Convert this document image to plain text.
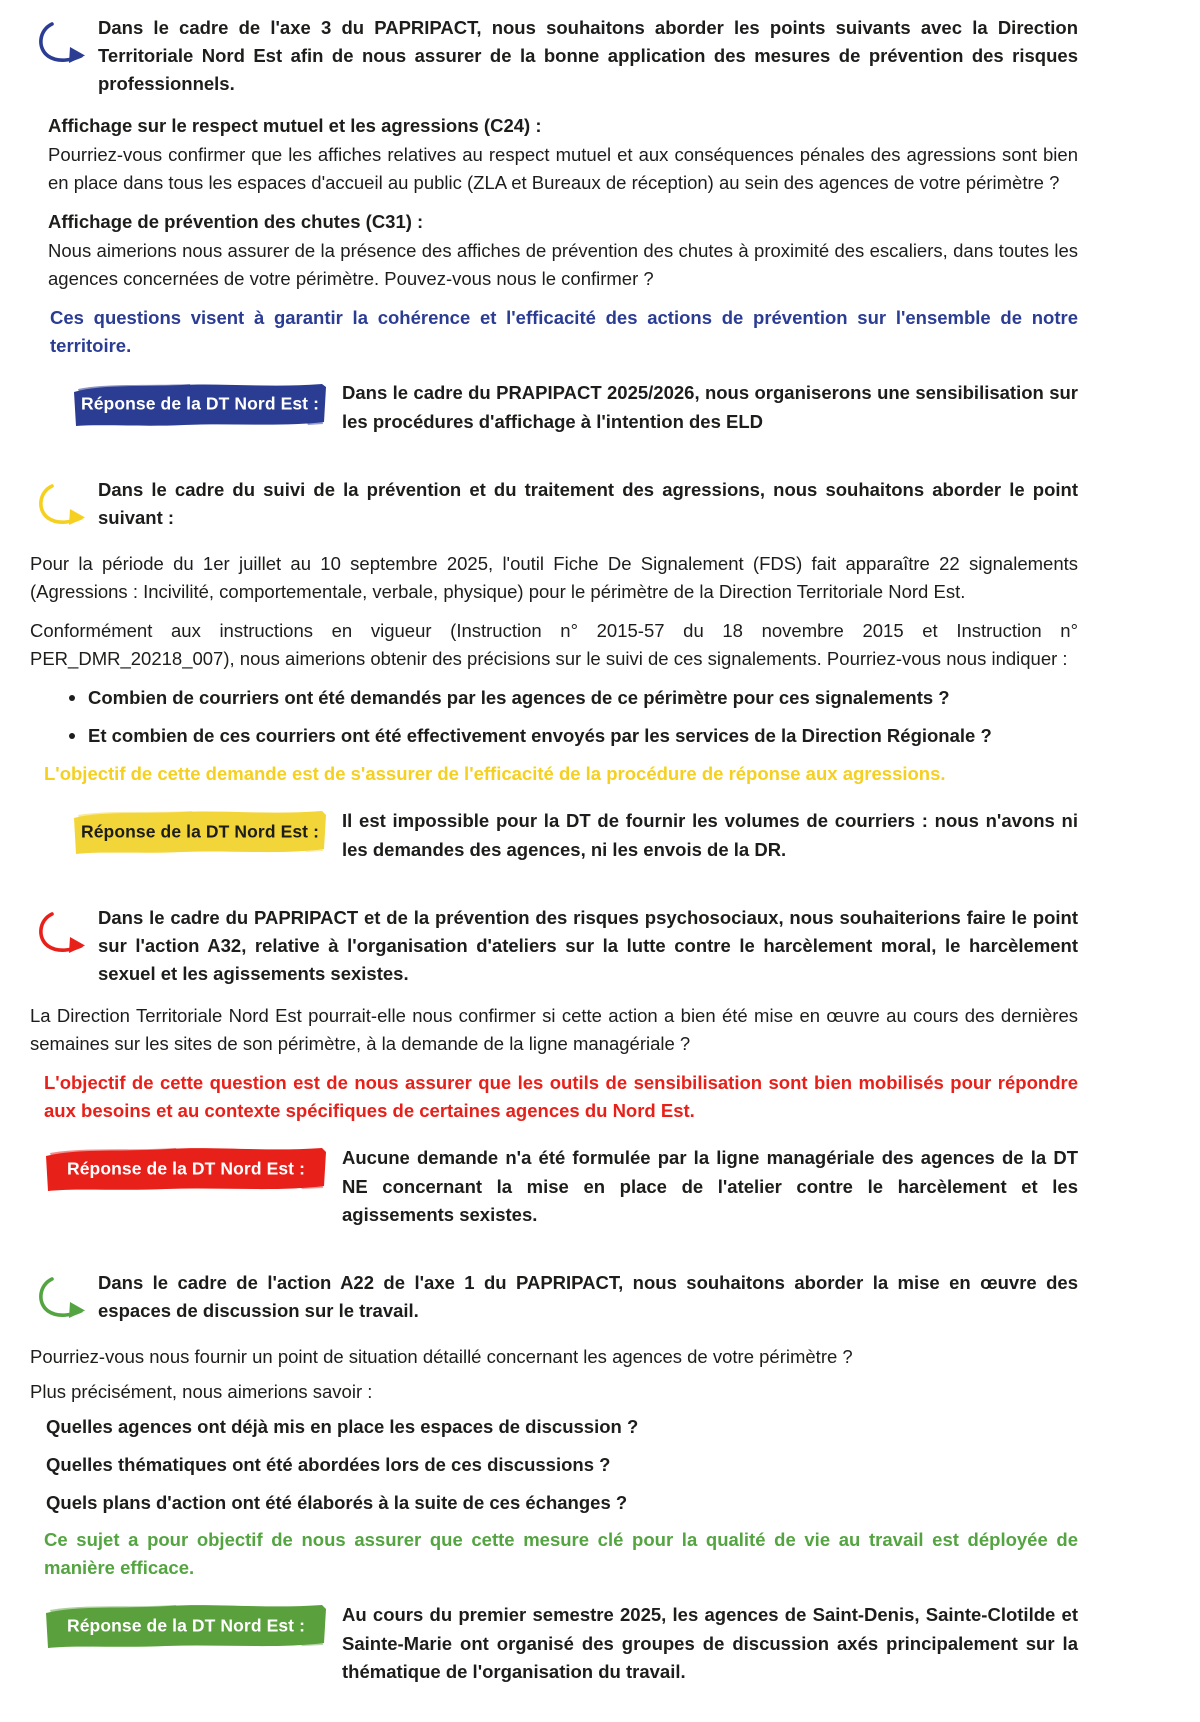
Dans le cadre de l'axe 3 du PAPRIPACT, nous souhaitons aborder les points suivants avec la Direction Territoriale Nord Est afin de nous assurer de la bonne application des mesures de prévention des risques professionnels.

Affichage sur le respect mutuel et les agressions (C24) :

Pourriez-vous confirmer que les affiches relatives au respect mutuel et aux conséquences pénales des agressions sont bien en place dans tous les espaces d'accueil au public (ZLA et Bureaux de réception) au sein des agences de votre périmètre ?

Affichage de prévention des chutes (C31) :

Nous aimerions nous assurer de la présence des affiches de prévention des chutes à proximité des escaliers, dans toutes les agences concernées de votre périmètre. Pouvez-vous nous le confirmer ?

Ces questions visent à garantir la cohérence et l'efficacité des actions de prévention sur l'ensemble de notre territoire.

Réponse de la DT Nord Est :
Dans le cadre du PRAPIPACT 2025/2026, nous organiserons une sensibilisation sur les procédures d'affichage à l'intention des ELD
Dans le cadre du suivi de la prévention et du traitement des agressions, nous souhaitons aborder le point suivant :

Pour la période du 1er juillet au 10 septembre 2025, l'outil Fiche De Signalement (FDS) fait apparaître 22 signalements (Agressions : Incivilité, comportementale, verbale, physique) pour le périmètre de la Direction Territoriale Nord Est.

Conformément aux instructions en vigueur (Instruction n° 2015-57 du 18 novembre 2015 et Instruction n° PER_DMR_20218_007), nous aimerions obtenir des précisions sur le suivi de ces signalements. Pourriez-vous nous indiquer :

Combien de courriers ont été demandés par les agences de ce périmètre pour ces signalements ?
Et combien de ces courriers ont été effectivement envoyés par les services de la Direction Régionale ?

L'objectif de cette demande est de s'assurer de l'efficacité de la procédure de réponse aux agressions.

Réponse de la DT Nord Est :
Il est impossible pour la DT de fournir les volumes de courriers : nous n'avons ni les demandes des agences, ni les envois de la DR.
Dans le cadre du PAPRIPACT et de la prévention des risques psychosociaux, nous souhaiterions faire le point sur l'action A32, relative à l'organisation d'ateliers sur la lutte contre le harcèlement moral, le harcèlement sexuel et les agissements sexistes.

La Direction Territoriale Nord Est pourrait-elle nous confirmer si cette action a bien été mise en œuvre au cours des dernières semaines sur les sites de son périmètre, à la demande de la ligne managériale ?

L'objectif de cette question est de nous assurer que les outils de sensibilisation sont bien mobilisés pour répondre aux besoins et au contexte spécifiques de certaines agences du Nord Est.

Réponse de la DT Nord Est :
Aucune demande n'a été formulée par la ligne managériale des agences de la DT NE concernant la mise en place de l'atelier contre le harcèlement et les agissements sexistes.
Dans le cadre de l'action A22 de l'axe 1 du PAPRIPACT, nous souhaitons aborder la mise en œuvre des espaces de discussion sur le travail.

Pourriez-vous nous fournir un point de situation détaillé concernant les agences de votre périmètre ?

Plus précisément, nous aimerions savoir :

Quelles agences ont déjà mis en place les espaces de discussion ?

Quelles thématiques ont été abordées lors de ces discussions ?

Quels plans d'action ont été élaborés à la suite de ces échanges ?

Ce sujet a pour objectif de nous assurer que cette mesure clé pour la qualité de vie au travail est déployée de manière efficace.

Réponse de la DT Nord Est :
Au cours du premier semestre 2025, les agences de Saint-Denis, Sainte-Clotilde et Sainte-Marie ont organisé des groupes de discussion axés principalement sur la thématique de l'organisation du travail.
